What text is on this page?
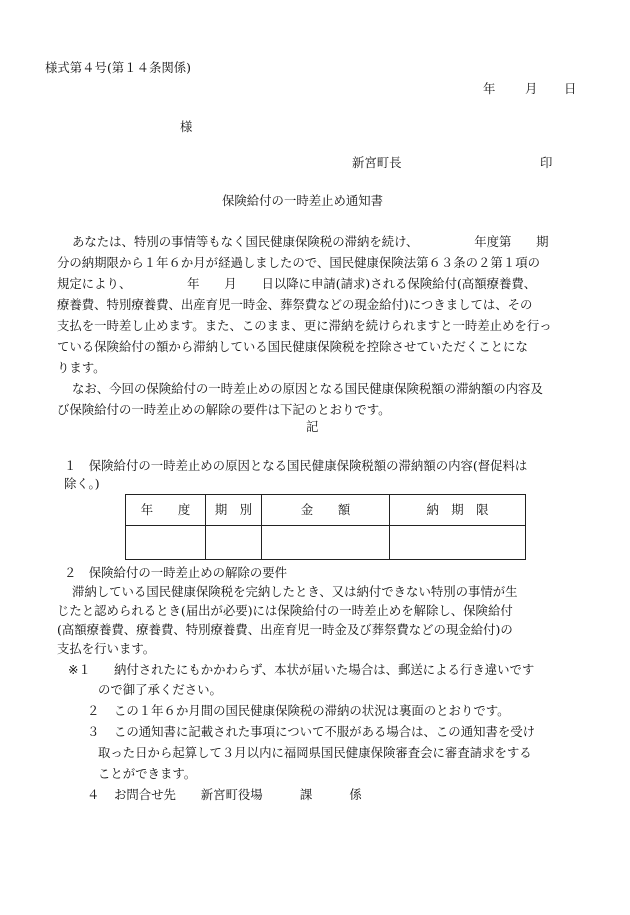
様式第４号(第１４条関係)
年 月 日
様
新宮町長	印
保険給付の一時差止め通知書
あなたは、特別の事情等もなく国民健康保険税の滞納を続け、　　　　　年度第　　期
分の納期限から１年６か月が経過しましたので、国民健康保険法第６３条の２第１項の
規定により、　　　　　年　　月　　日以降に申請(請求)される保険給付(高額療養費、
療養費、特別療養費、出産育児一時金、葬祭費などの現金給付)につきましては、その
支払を一時差し止めます。また、このまま、更に滞納を続けられますと一時差止めを行っ
ている保険給付の額から滞納している国民健康保険税を控除させていただくことにな
ります。
なお、今回の保険給付の一時差止めの原因となる国民健康保険税額の滞納額の内容及
び保険給付の一時差止めの解除の要件は下記のとおりです。
記
１　保険給付の一時差止めの原因となる国民健康保険税額の滞納額の内容(督促料は
除く。)
年　　度	期　別	金　　額	納　期　限

２　保険給付の一時差止めの解除の要件
滞納している国民健康保険税を完納したとき、又は納付できない特別の事情が生
じたと認められるとき(届出が必要)には保険給付の一時差止めを解除し、保険給付
(高額療養費、療養費、特別療養費、出産育児一時金及び葬祭費などの現金給付)の
支払を行います。
※１ 納付されたにもかかわらず、本状が届いた場合は、郵送による行き違いです
ので御了承ください。
２ この１年６か月間の国民健康保険税の滞納の状況は裏面のとおりです。
３ この通知書に記載された事項について不服がある場合は、この通知書を受け
取った日から起算して３月以内に福岡県国民健康保険審査会に審査請求をする
ことができます。
４ お問合せ先　　新宮町役場　　　課　　　係
